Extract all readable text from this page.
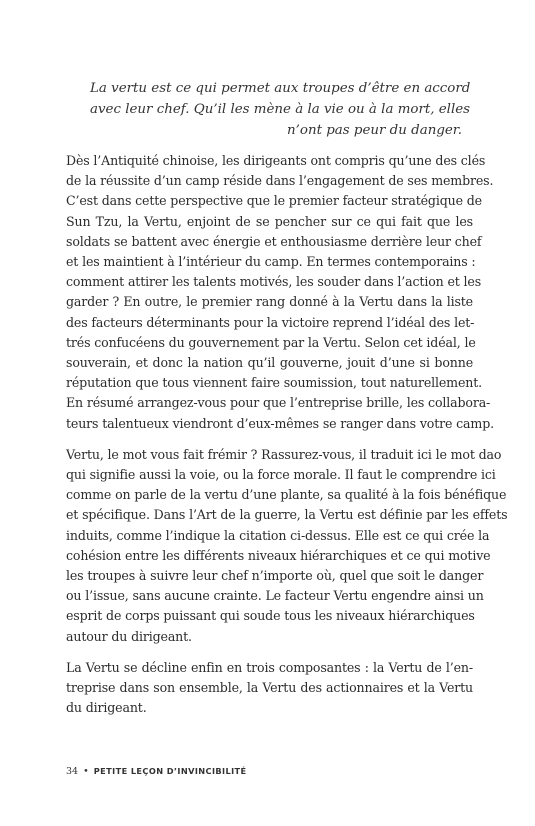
La vertu est ce qui permet aux troupes d’être en accord
avec leur chef. Qu’il les mène à la vie ou à la mort, elles
n’ont pas peur du danger.
Dès l’Antiquité chinoise, les dirigeants ont compris qu’une des clés
de la réussite d’un camp réside dans l’engagement de ses membres.
C’est dans cette perspective que le premier facteur stratégique de
Sun Tzu, la Vertu, enjoint de se pencher sur ce qui fait que les
soldats se battent avec énergie et enthousiasme derrière leur chef
et les maintient à l’intérieur du camp. En termes contemporains :
comment attirer les talents motivés, les souder dans l’action et les
garder ? En outre, le premier rang donné à la Vertu dans la liste
des facteurs déterminants pour la victoire reprend l’idéal des let-
trés confucéens du gouvernement par la Vertu. Selon cet idéal, le
souverain, et donc la nation qu’il gouverne, jouit d’une si bonne
réputation que tous viennent faire soumission, tout naturellement.
En résumé arrangez-vous pour que l’entreprise brille, les collabora-
teurs talentueux viendront d’eux-mêmes se ranger dans votre camp.
Vertu, le mot vous fait frémir ? Rassurez-vous, il traduit ici le mot dao
qui signifie aussi la voie, ou la force morale. Il faut le comprendre ici
comme on parle de la vertu d’une plante, sa qualité à la fois bénéfique
et spécifique. Dans l’Art de la guerre, la Vertu est définie par les effets
induits, comme l’indique la citation ci-dessus. Elle est ce qui crée la
cohésion entre les différents niveaux hiérarchiques et ce qui motive
les troupes à suivre leur chef n’importe où, quel que soit le danger
ou l’issue, sans aucune crainte. Le facteur Vertu engendre ainsi un
esprit de corps puissant qui soude tous les niveaux hiérarchiques
autour du dirigeant.
La Vertu se décline enfin en trois composantes : la Vertu de l’en-
treprise dans son ensemble, la Vertu des actionnaires et la Vertu
du dirigeant.
34 • PETITE LEÇON D’INVINCIBILITÉ
